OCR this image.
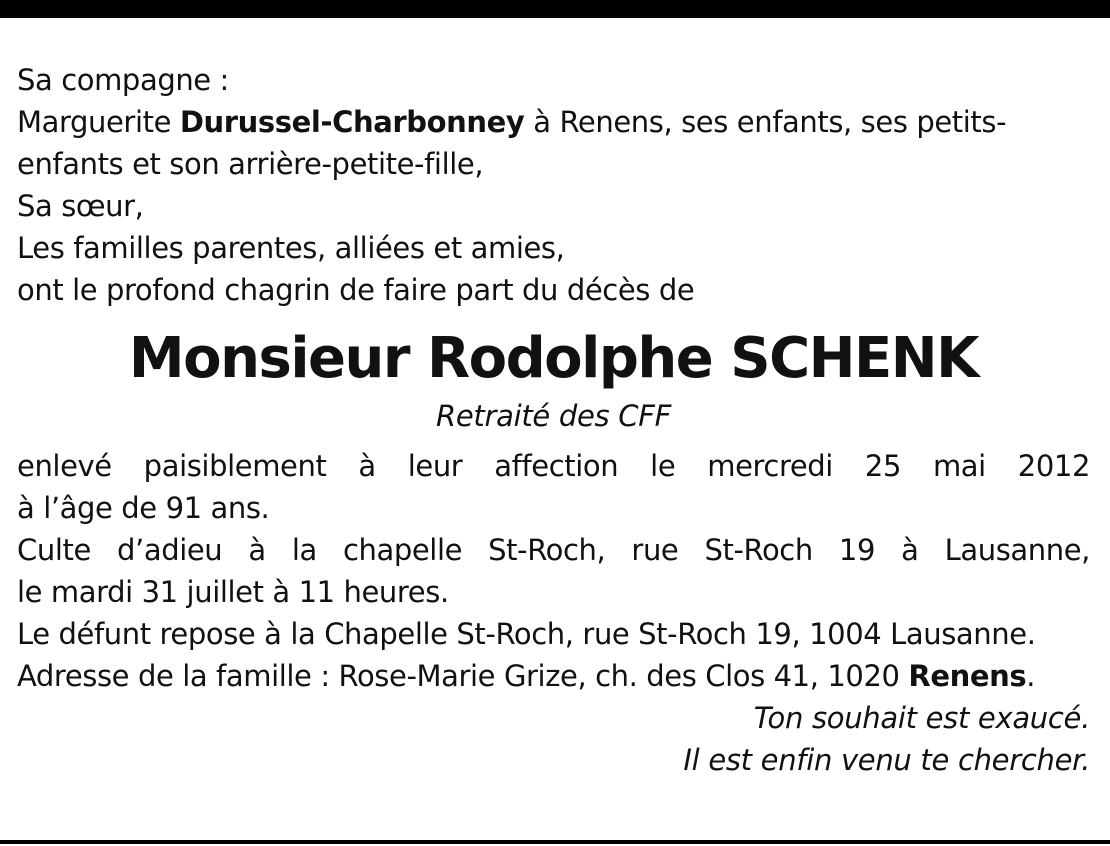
Sa compagne :
Marguerite Durussel-Charbonney à Renens, ses enfants, ses petits-
enfants et son arrière-petite-fille,
Sa sœur,
Les familles parentes, alliées et amies,
ont le profond chagrin de faire part du décès de
Monsieur Rodolphe SCHENK
Retraité des CFF
enlevé paisiblement à leur affection le mercredi 25 mai 2012
à l’âge de 91 ans.
Culte d’adieu à la chapelle St-Roch, rue St-Roch 19 à Lausanne,
le mardi 31 juillet à 11 heures.
Le défunt repose à la Chapelle St-Roch, rue St-Roch 19, 1004 Lausanne.
Adresse de la famille : Rose-Marie Grize, ch. des Clos 41, 1020 Renens.
Ton souhait est exaucé.
Il est enfin venu te chercher.
